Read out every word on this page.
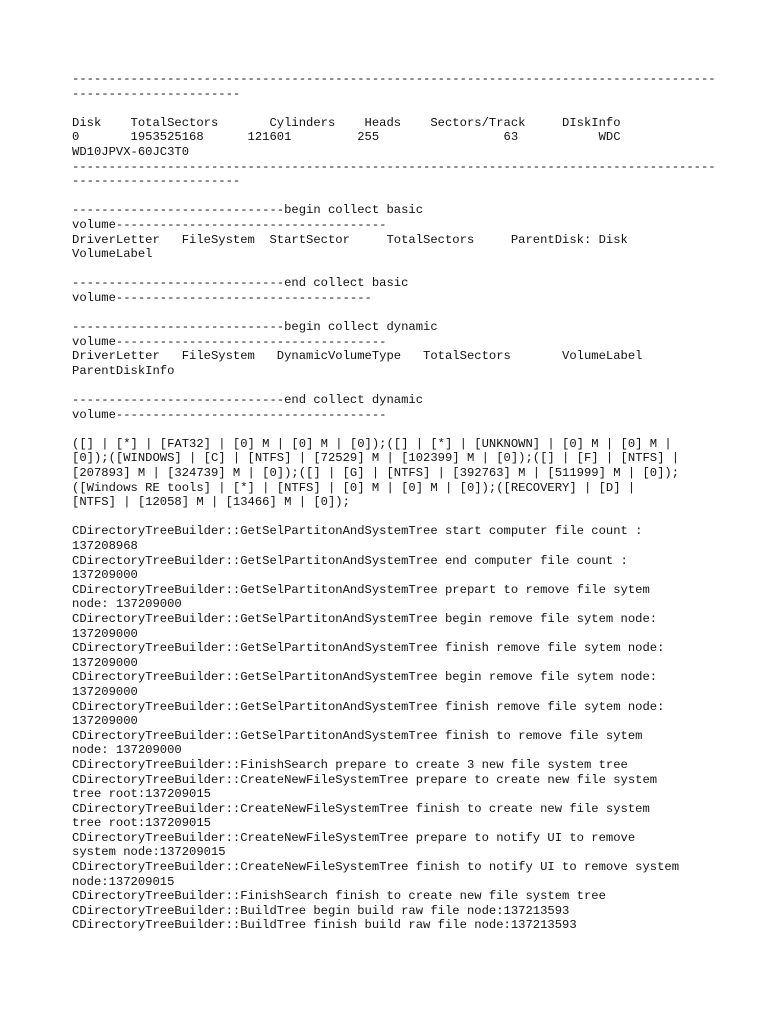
----------------------------------------------------------------------------------------
-----------------------
Disk    TotalSectors       Cylinders    Heads    Sectors/Track     DIskInfo
0       1953525168      121601         255                 63           WDC
WD10JPVX-60JC3T0
----------------------------------------------------------------------------------------
-----------------------
-----------------------------begin collect basic
volume-------------------------------------
DriverLetter   FileSystem  StartSector     TotalSectors     ParentDisk: Disk
VolumeLabel
-----------------------------end collect basic
volume-----------------------------------
-----------------------------begin collect dynamic
volume-------------------------------------
DriverLetter   FileSystem   DynamicVolumeType   TotalSectors       VolumeLabel
ParentDiskInfo
-----------------------------end collect dynamic
volume-------------------------------------
([] | [*] | [FAT32] | [0] M | [0] M | [0]);([] | [*] | [UNKNOWN] | [0] M | [0] M |
[0]);([WINDOWS] | [C] | [NTFS] | [72529] M | [102399] M | [0]);([] | [F] | [NTFS] |
[207893] M | [324739] M | [0]);([] | [G] | [NTFS] | [392763] M | [511999] M | [0]);
([Windows RE tools] | [*] | [NTFS] | [0] M | [0] M | [0]);([RECOVERY] | [D] |
[NTFS] | [12058] M | [13466] M | [0]);
CDirectoryTreeBuilder::GetSelPartitonAndSystemTree start computer file count :
137208968
CDirectoryTreeBuilder::GetSelPartitonAndSystemTree end computer file count :
137209000
CDirectoryTreeBuilder::GetSelPartitonAndSystemTree prepart to remove file sytem
node: 137209000
CDirectoryTreeBuilder::GetSelPartitonAndSystemTree begin remove file sytem node:
137209000
CDirectoryTreeBuilder::GetSelPartitonAndSystemTree finish remove file sytem node:
137209000
CDirectoryTreeBuilder::GetSelPartitonAndSystemTree begin remove file sytem node:
137209000
CDirectoryTreeBuilder::GetSelPartitonAndSystemTree finish remove file sytem node:
137209000
CDirectoryTreeBuilder::GetSelPartitonAndSystemTree finish to remove file sytem
node: 137209000
CDirectoryTreeBuilder::FinishSearch prepare to create 3 new file system tree
CDirectoryTreeBuilder::CreateNewFileSystemTree prepare to create new file system
tree root:137209015
CDirectoryTreeBuilder::CreateNewFileSystemTree finish to create new file system
tree root:137209015
CDirectoryTreeBuilder::CreateNewFileSystemTree prepare to notify UI to remove
system node:137209015
CDirectoryTreeBuilder::CreateNewFileSystemTree finish to notify UI to remove system
node:137209015
CDirectoryTreeBuilder::FinishSearch finish to create new file system tree
CDirectoryTreeBuilder::BuildTree begin build raw file node:137213593
CDirectoryTreeBuilder::BuildTree finish build raw file node:137213593
